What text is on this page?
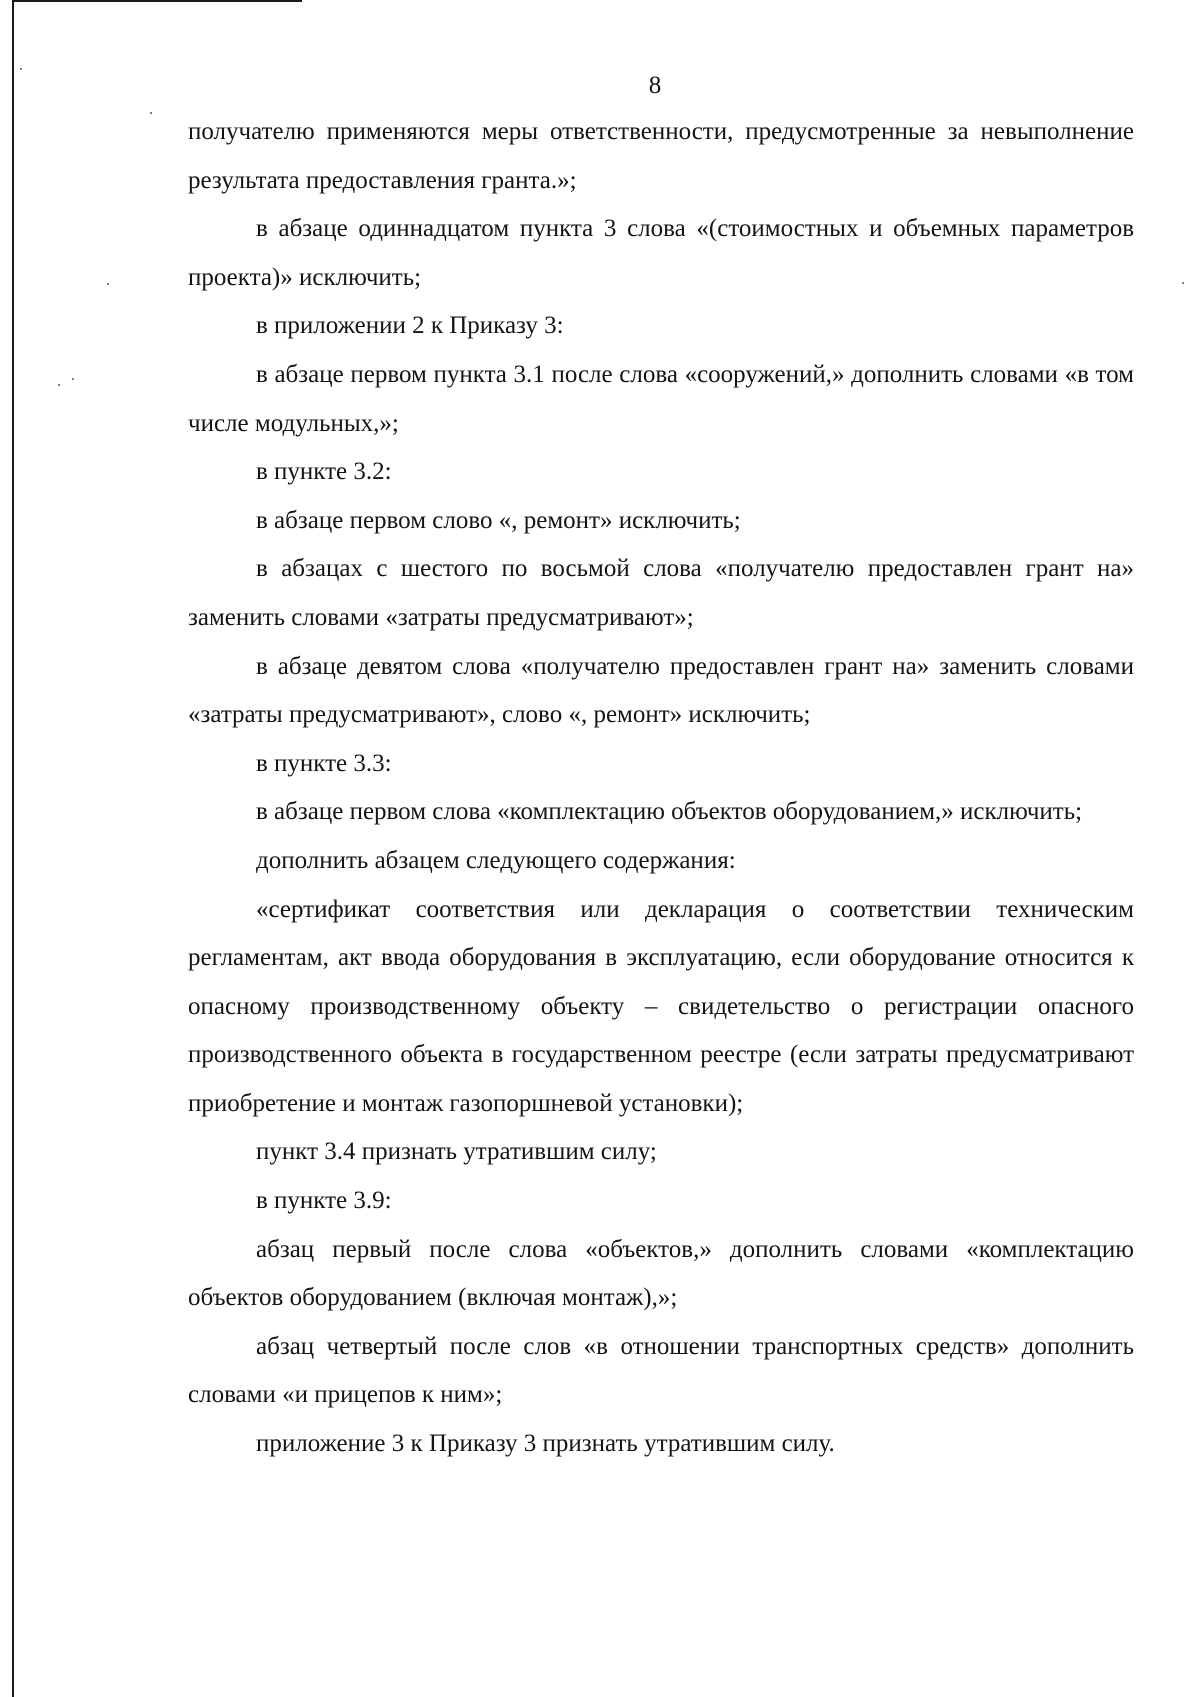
8

получателю применяются меры ответственности, предусмотренные за невыполнение результата предоставления гранта.»;

в абзаце одиннадцатом пункта 3 слова «(стоимостных и объемных параметров проекта)» исключить;

в приложении 2 к Приказу 3:

в абзаце первом пункта 3.1 после слова «сооружений,» дополнить словами «в том числе модульных,»;

в пункте 3.2:

в абзаце первом слово «, ремонт» исключить;

в абзацах с шестого по восьмой слова «получателю предоставлен грант на» заменить словами «затраты предусматривают»;

в абзаце девятом слова «получателю предоставлен грант на» заменить словами «затраты предусматривают», слово «, ремонт» исключить;

в пункте 3.3:

в абзаце первом слова «комплектацию объектов оборудованием,» исключить;

дополнить абзацем следующего содержания:

«сертификат соответствия или декларация о соответствии техническим регламентам, акт ввода оборудования в эксплуатацию, если оборудование относится к опасному производственному объекту – свидетельство о регистрации опасного производственного объекта в государственном реестре (если затраты предусматривают приобретение и монтаж газопоршневой установки);

пункт 3.4 признать утратившим силу;

в пункте 3.9:

абзац первый после слова «объектов,» дополнить словами «комплектацию объектов оборудованием (включая монтаж),»;

абзац четвертый после слов «в отношении транспортных средств» дополнить словами «и прицепов к ним»;

приложение 3 к Приказу 3 признать утратившим силу.
